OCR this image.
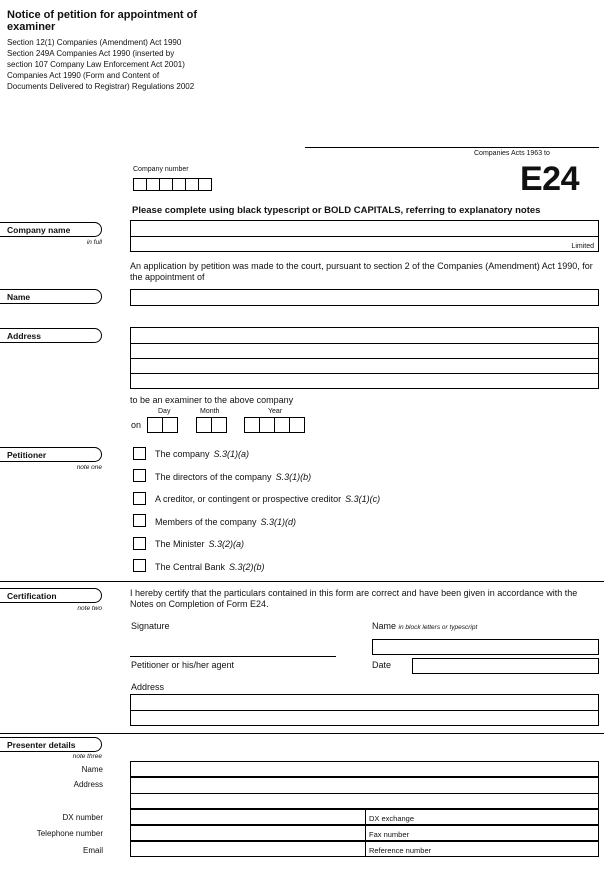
Notice of petition for appointment of examiner
Section 12(1) Companies (Amendment) Act 1990
Section 249A Companies Act 1990 (inserted by
section 107 Company Law Enforcement Act 2001)
Companies Act 1990 (Form and Content of
Documents Delivered to Registrar) Regulations 2002
Companies Acts 1963 to
E24
Company number
Please complete using black typescript or BOLD CAPITALS, referring to explanatory notes
Company name
in full
Limited
An application by petition was made to the court, pursuant to section 2 of the Companies (Amendment) Act 1990, for the appointment of
Name
Address
to be an examiner to the above company
Day	Month	Year
on
Petitioner
note one
The company S.3(1)(a)
The directors of the company S.3(1)(b)
A creditor, or contingent or prospective creditor S.3(1)(c)
Members of the company S.3(1)(d)
The Minister S.3(2)(a)
The Central Bank S.3(2)(b)
Certification
note two
I hereby certify that the particulars contained in this form are correct and have been given in accordance with the Notes on Completion of Form E24.
Signature	Name in block letters or typescript
Petitioner or his/her agent	Date
Address
Presenter details
note three
Name
Address
DX number
Telephone number
Email
DX exchange
Fax number
Reference number
